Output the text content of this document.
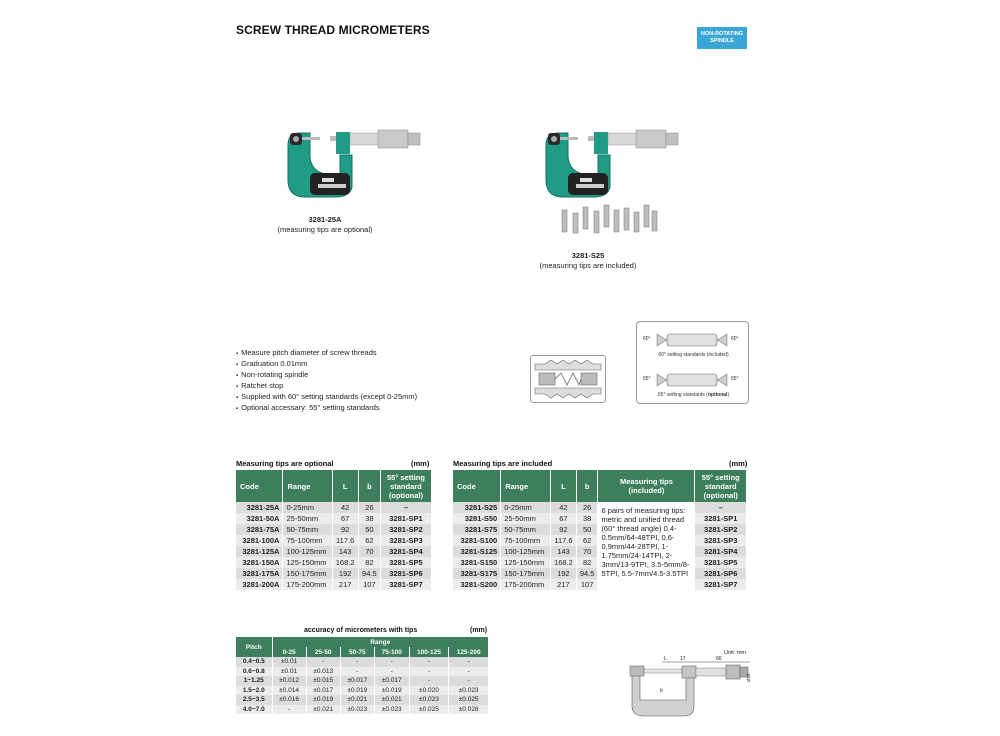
SCREW THREAD MICROMETERS	NON-ROTATING
SPINDLE
3281-25A
(measuring tips are optional)
3281-S25
(measuring tips are included)
▪ Measure pitch diameter of screw threads
▪ Graduation 0.01mm
▪ Non-rotating spindle
▪ Ratchet stop
▪ Supplied with 60° setting standards (except 0-25mm)
▪ Optional accessary: 55° setting standards
60°	60°
60° setting standards (included)
55°	55°
55° setting standards (optional)
Measuring tips are optional	(mm)
Code	Range	L	b	55° setting standard (optional)
3281-25A	0-25mm	42	26	–
3281-50A	25-50mm	67	38	3281-SP1
3281-75A	50-75mm	92	50	3281-SP2
3281-100A	75-100mm	117.6	62	3281-SP3
3281-125A	100-125mm	143	70	3281-SP4
3281-150A	125-150mm	168.2	82	3281-SP5
3281-175A	150-175mm	192	94.5	3281-SP6
3281-200A	175-200mm	217	107	3281-SP7
Measuring tips are included	(mm)
Code	Range	L	b	Measuring tips (included)	55° setting standard (optional)
3281-S25	0-25mm	42	26	6 pairs of measuring tips: metric and unified thread (60° thread angle) 0.4-0.5mm/64-48TPI, 0.6-0.9mm/44-28TPI, 1-1.75mm/24-14TPI, 2-3mm/13-9TPI, 3.5-5mm/8-5TPI, 5.5-7mm/4.5-3.5TPI	–
3281-S50	25-50mm	67	38		3281-SP1
3281-S75	50-75mm	92	50		3281-SP2
3281-S100	75-100mm	117.6	62		3281-SP3
3281-S125	100-125mm	143	70		3281-SP4
3281-S150	125-150mm	168.2	82		3281-SP5
3281-S175	150-175mm	192	94.5		3281-SP6
3281-S200	175-200mm	217	107		3281-SP7
accuracy of micrometers with tips	(mm)
Pitch	Range					
	0-25	25-50	50-75	75-100	100-125	125-200
0.4~0.5	±0.01	-	-	-	-	-
0.6~0.8	±0.01	±0.013	-	-	-	-
1~1.25	±0.012	±0.015	±0.017	±0.017	-	-
1.5~2.0	±0.014	±0.017	±0.019	±0.019	±0.020	±0.023
2.5~3.5	±0.016	±0.019	±0.021	±0.021	±0.023	±0.025
4.0~7.0	-	±0.021	±0.023	±0.023	±0.025	±0.028
Unit: mm
L	17	66
b
Ø18
